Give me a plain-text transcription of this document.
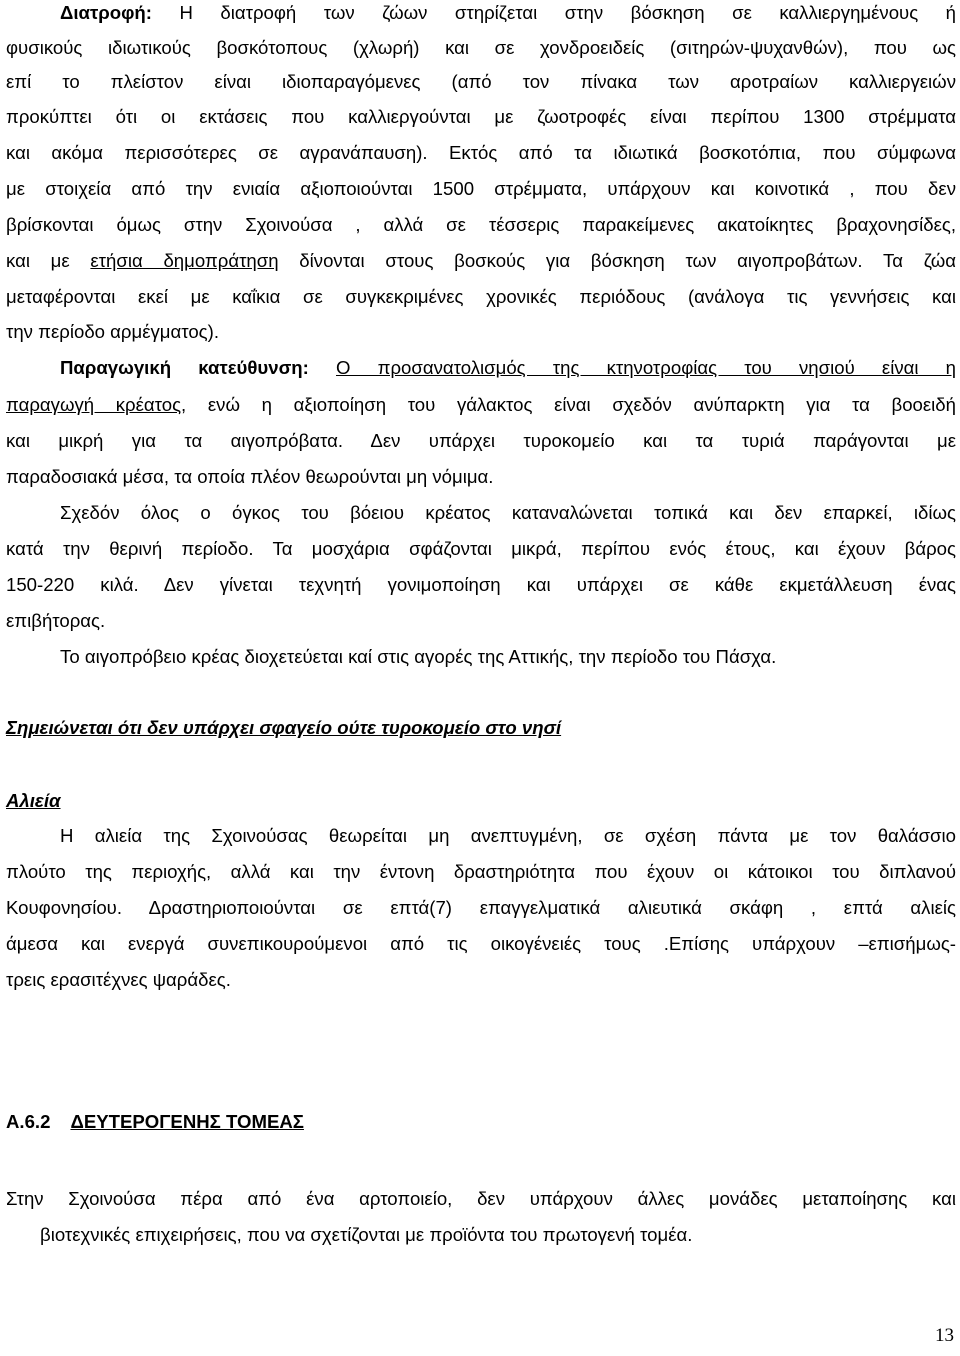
Διατροφή: Η διατροφή των ζώων στηρίζεται στην βόσκηση σε καλλιεργημένους ή
φυσικούς ιδιωτικούς βοσκότοπους (χλωρή) και σε χονδροειδείς (σιτηρών-ψυχανθών), που ως
επί το πλείστον είναι ιδιοπαραγόμενες (από τον πίνακα των αροτραίων καλλιεργειών
προκύπτει ότι οι εκτάσεις που καλλιεργούνται με ζωοτροφές είναι περίπου 1300 στρέμματα
και ακόμα περισσότερες σε αγρανάπαυση). Εκτός από τα ιδιωτικά βοσκοτόπια, που σύμφωνα
με στοιχεία από την ενιαία αξιοποιούνται 1500 στρέμματα, υπάρχουν και κοινοτικά , που δεν
βρίσκονται όμως στην Σχοινούσα , αλλά σε τέσσερις παρακείμενες ακατοίκητες βραχονησίδες,
και με ετήσια δημοπράτηση δίνονται στους βοσκούς για βόσκηση των αιγοπροβάτων. Τα ζώα
μεταφέρονται εκεί με καΐκια σε συγκεκριμένες χρονικές περιόδους (ανάλογα τις γεννήσεις και
την περίοδο αρμέγματος).
Παραγωγική κατεύθυνση: Ο προσανατολισμός της κτηνοτροφίας του νησιού είναι η
παραγωγή κρέατος, ενώ η αξιοποίηση του γάλακτος είναι σχεδόν ανύπαρκτη για τα βοοειδή
και μικρή για τα αιγοπρόβατα. Δεν υπάρχει τυροκομείο και τα τυριά παράγονται με
παραδοσιακά μέσα, τα οποία πλέον θεωρούνται μη νόμιμα.
Σχεδόν όλος ο όγκος του βόειου κρέατος καταναλώνεται τοπικά και δεν επαρκεί, ιδίως
κατά την θερινή περίοδο. Τα μοσχάρια σφάζονται μικρά, περίπου ενός έτους, και έχουν βάρος
150-220 κιλά. Δεν γίνεται τεχνητή γονιμοποίηση και υπάρχει σε κάθε εκμετάλλευση ένας
επιβήτορας.
Το αιγοπρόβειο κρέας διοχετεύεται καί στις αγορές της Αττικής, την περίοδο του Πάσχα.
Σημειώνεται ότι δεν υπάρχει σφαγείο ούτε τυροκομείο στο νησί
Αλιεία
Η αλιεία της Σχοινούσας θεωρείται μη ανεπτυγμένη, σε σχέση πάντα με τον θαλάσσιο
πλούτο της περιοχής, αλλά και την έντονη δραστηριότητα που έχουν οι κάτοικοι του διπλανού
Κουφονησίου. Δραστηριοποιούνται σε επτά(7) επαγγελματικά αλιευτικά σκάφη , επτά αλιείς
άμεσα και ενεργά συνεπικουρούμενοι από τις οικογένειές τους .Επίσης υπάρχουν –επισήμως-
τρεις ερασιτέχνες ψαράδες.
Α.6.2 ΔΕΥΤΕΡΟΓΕΝΗΣ ΤΟΜΕΑΣ
Στην Σχοινούσα πέρα από ένα αρτοποιείο, δεν υπάρχουν άλλες μονάδες μεταποίησης και
βιοτεχνικές επιχειρήσεις, που να σχετίζονται με προϊόντα του πρωτογενή τομέα.
13
